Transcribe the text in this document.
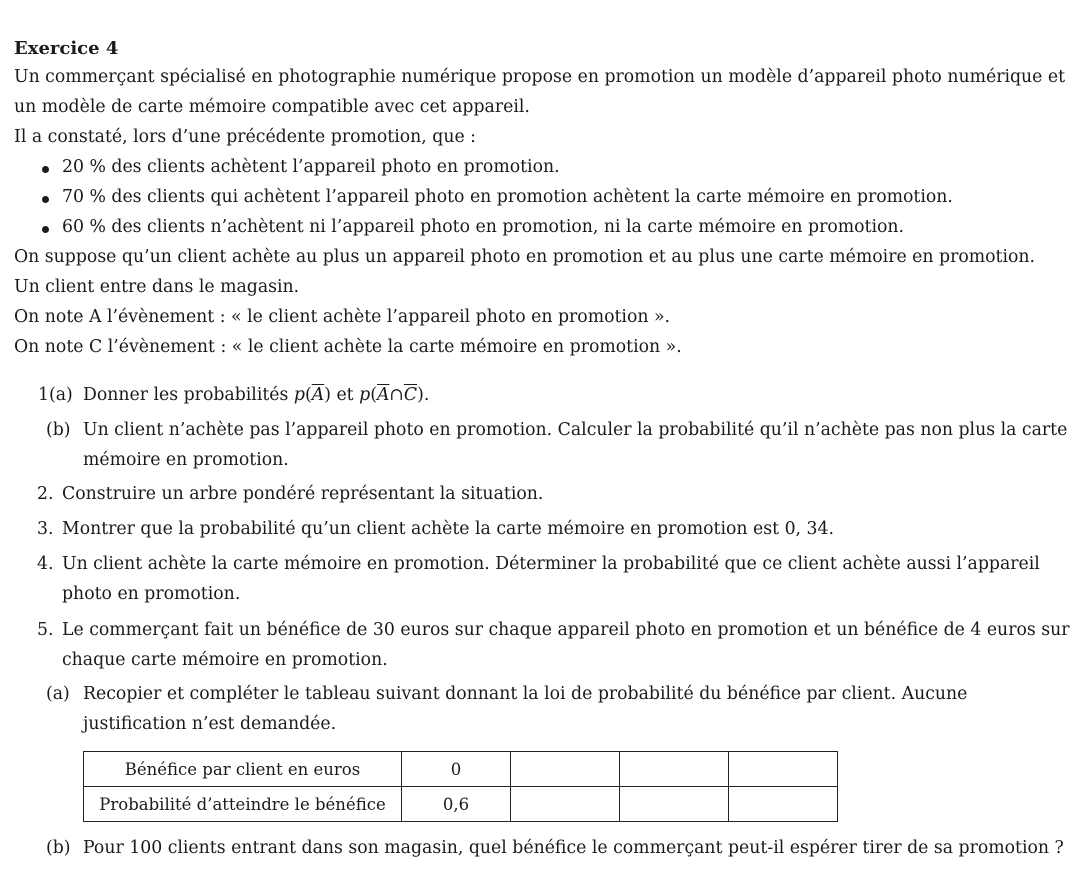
Exercice 4
Un commerçant spécialisé en photographie numérique propose en promotion un modèle d’appareil photo numérique et
un modèle de carte mémoire compatible avec cet appareil.
Il a constaté, lors d’une précédente promotion, que :
20 % des clients achètent l’appareil photo en promotion.
70 % des clients qui achètent l’appareil photo en promotion achètent la carte mémoire en promotion.
60 % des clients n’achètent ni l’appareil photo en promotion, ni la carte mémoire en promotion.
On suppose qu’un client achète au plus un appareil photo en promotion et au plus une carte mémoire en promotion.
Un client entre dans le magasin.
On note A l’évènement : « le client achète l’appareil photo en promotion ».
On note C l’évènement : « le client achète la carte mémoire en promotion ».
1(a) Donner les probabilités $p(\overline{A})$ et $p(\overline{A}\cap\overline{C})$.
(b) Un client n’achète pas l’appareil photo en promotion. Calculer la probabilité qu’il n’achète pas non plus la carte
mémoire en promotion.
2. Construire un arbre pondéré représentant la situation.
3. Montrer que la probabilité qu’un client achète la carte mémoire en promotion est 0, 34.
4. Un client achète la carte mémoire en promotion. Déterminer la probabilité que ce client achète aussi l’appareil
photo en promotion.
5. Le commerçant fait un bénéfice de 30 euros sur chaque appareil photo en promotion et un bénéfice de 4 euros sur
chaque carte mémoire en promotion.
(a) Recopier et compléter le tableau suivant donnant la loi de probabilité du bénéfice par client. Aucune
justification n’est demandée.
Bénéfice par client en euros	0			
Probabilité d’atteindre le bénéfice	0,6			
(b) Pour 100 clients entrant dans son magasin, quel bénéfice le commerçant peut-il espérer tirer de sa promotion ?
